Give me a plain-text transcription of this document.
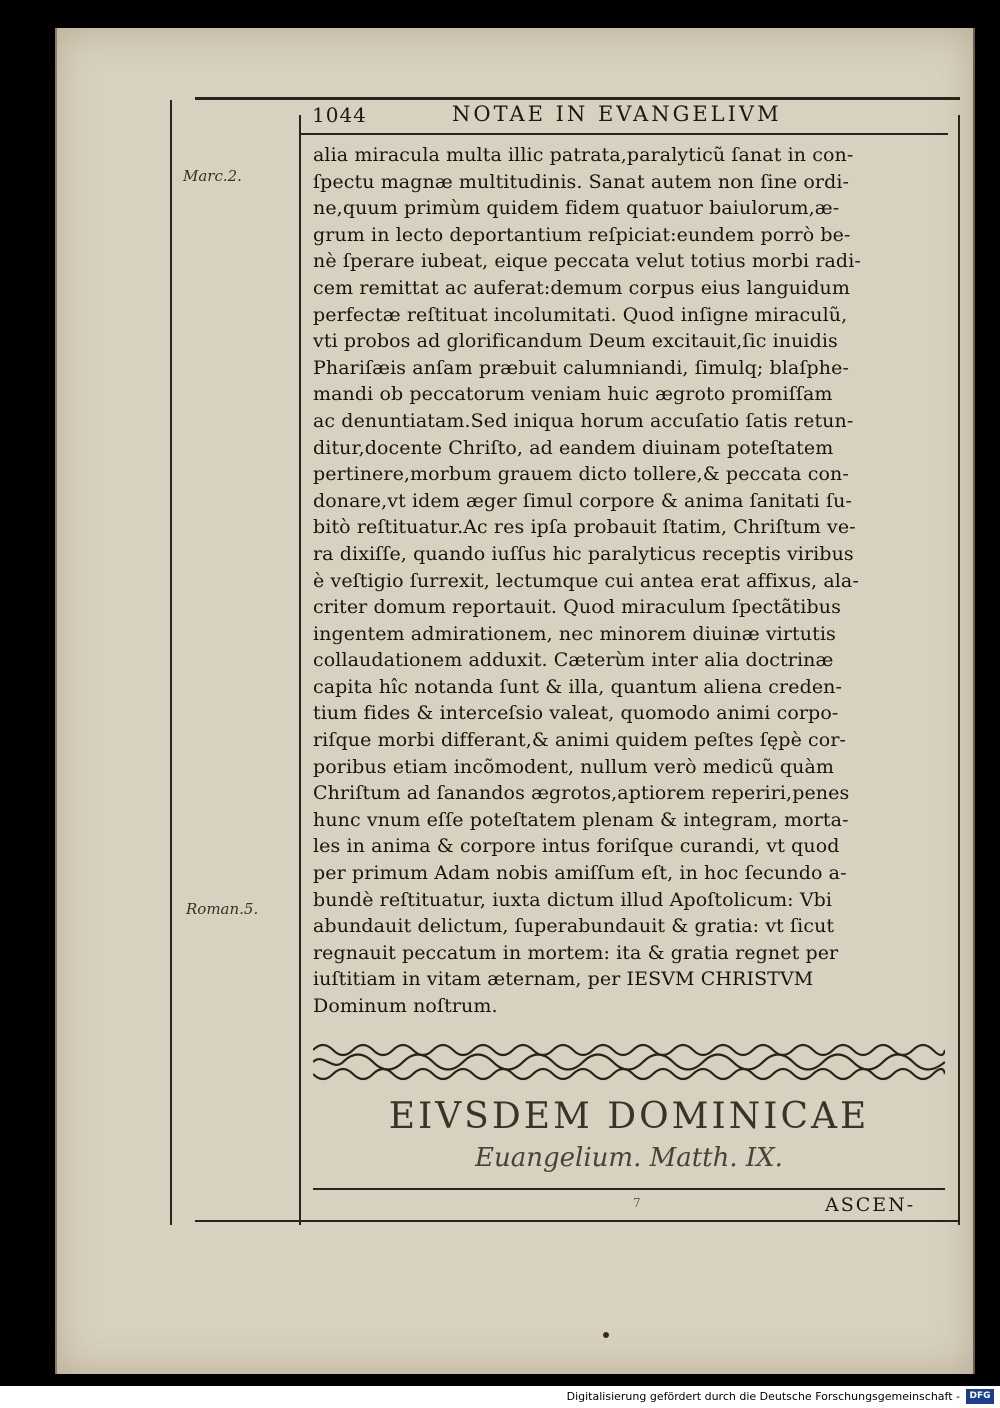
1044	NOTAE IN EVANGELIVM
Marc.2.
Roman.5.
alia miracula multa illic patrata,paralyticũ ſanat in con-
ſpectu magnæ multitudinis. Sanat autem non ſine ordi-
ne,quum primùm quidem fidem quatuor baiulorum,æ-
grum in lecto deportantium reſpiciat:eundem porrò be-
nè ſperare iubeat, eique peccata velut totius morbi radi-
cem remittat ac auferat:demum corpus eius languidum
perfectæ reſtituat incolumitati. Quod inſigne miraculũ,
vti probos ad glorificandum Deum excitauit,ſic inuidis
Phariſæis anſam præbuit calumniandi, ſimulq; blaſphe-
mandi ob peccatorum veniam huic ægroto promiſſam
ac denuntiatam.Sed iniqua horum accuſatio ſatis retun-
ditur,docente Chriſto, ad eandem diuinam poteſtatem
pertinere,morbum grauem dicto tollere,& peccata con-
donare,vt idem æger ſimul corpore & anima ſanitati ſu-
bitò reſtituatur.Ac res ipſa probauit ſtatim, Chriſtum ve-
ra dixiſſe, quando iuſſus hic paralyticus receptis viribus
è veſtigio ſurrexit, lectumque cui antea erat affixus, ala-
criter domum reportauit. Quod miraculum ſpectãtibus
ingentem admirationem, nec minorem diuinæ virtutis
collaudationem adduxit. Cæterùm inter alia doctrinæ
capita hîc notanda ſunt & illa, quantum aliena creden-
tium fides & interceſsio valeat, quomodo animi corpo-
riſque morbi differant,& animi quidem peſtes ſępè cor-
poribus etiam incõmodent, nullum verò medicũ quàm
Chriſtum ad ſanandos ægrotos,aptiorem reperiri,penes
hunc vnum eſſe poteſtatem plenam & integram, morta-
les in anima & corpore intus foriſque curandi, vt quod
per primum Adam nobis amiſſum eſt, in hoc ſecundo a-
bundè reſtituatur, iuxta dictum illud Apoſtolicum: Vbi
abundauit delictum, ſuperabundauit & gratia: vt ſicut
regnauit peccatum in mortem: ita & gratia regnet per
iuſtitiam in vitam æternam, per IESVM CHRISTVM
Dominum noſtrum.
EIVSDEM DOMINICAE
Euangelium. Matth. IX.
7	ASCEN-
Digitalisierung gefördert durch die Deutsche Forschungsgemeinschaft -	DFG
